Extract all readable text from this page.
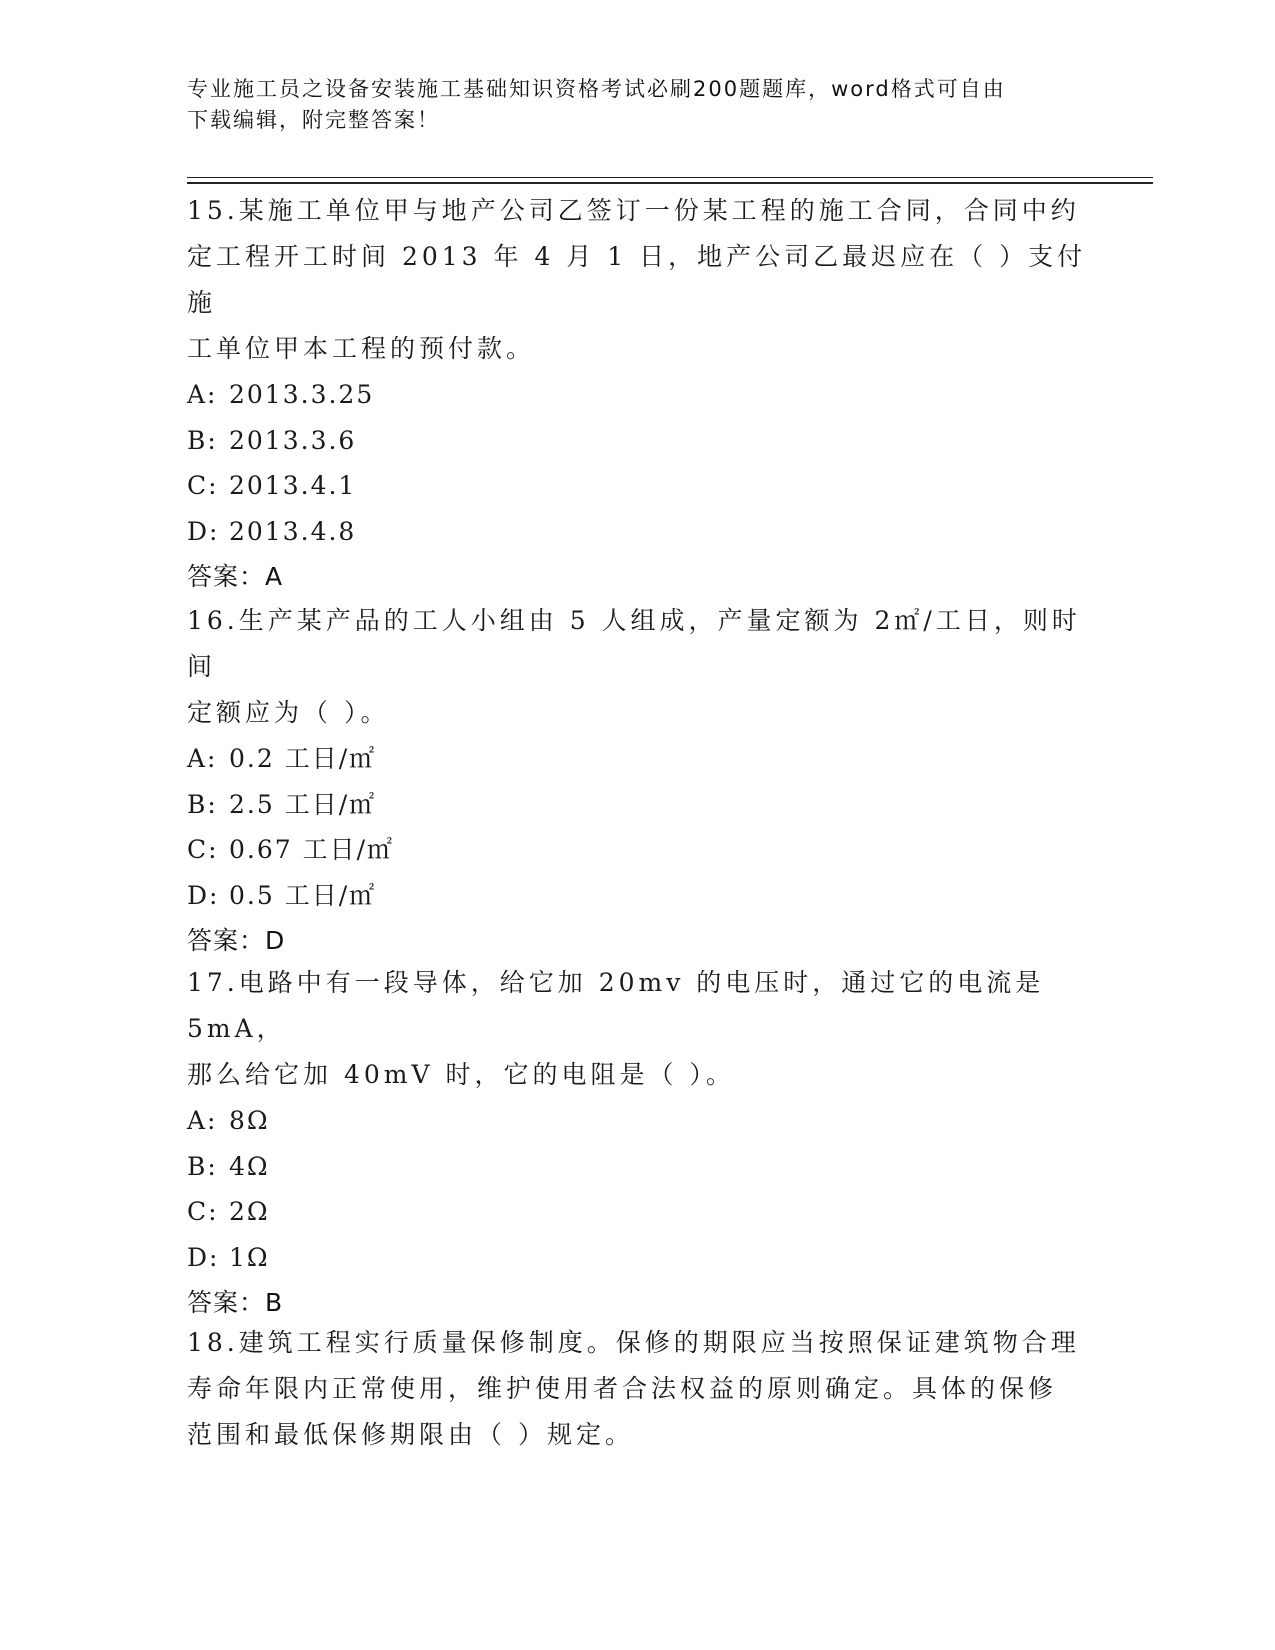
专业施工员之设备安装施工基础知识资格考试必刷200题题库，word格式可自由
下载编辑，附完整答案！
15.某施工单位甲与地产公司乙签订一份某工程的施工合同，合同中约
定工程开工时间 2013 年 4 月 1 日，地产公司乙最迟应在（ ）支付施
工单位甲本工程的预付款。
A: 2013.3.25
B: 2013.3.6
C: 2013.4.1
D: 2013.4.8
答案：A
16.生产某产品的工人小组由 5 人组成，产量定额为 2㎡/工日，则时间
定额应为（ ）。
A: 0.2 工日/㎡
B: 2.5 工日/㎡
C: 0.67 工日/㎡
D: 0.5 工日/㎡
答案：D
17.电路中有一段导体，给它加 20mv 的电压时，通过它的电流是 5mA，
那么给它加 40mV 时，它的电阻是（ ）。
A: 8Ω
B: 4Ω
C: 2Ω
D: 1Ω
答案：B
18.建筑工程实行质量保修制度。保修的期限应当按照保证建筑物合理
寿命年限内正常使用，维护使用者合法权益的原则确定。具体的保修
范围和最低保修期限由（ ）规定。
